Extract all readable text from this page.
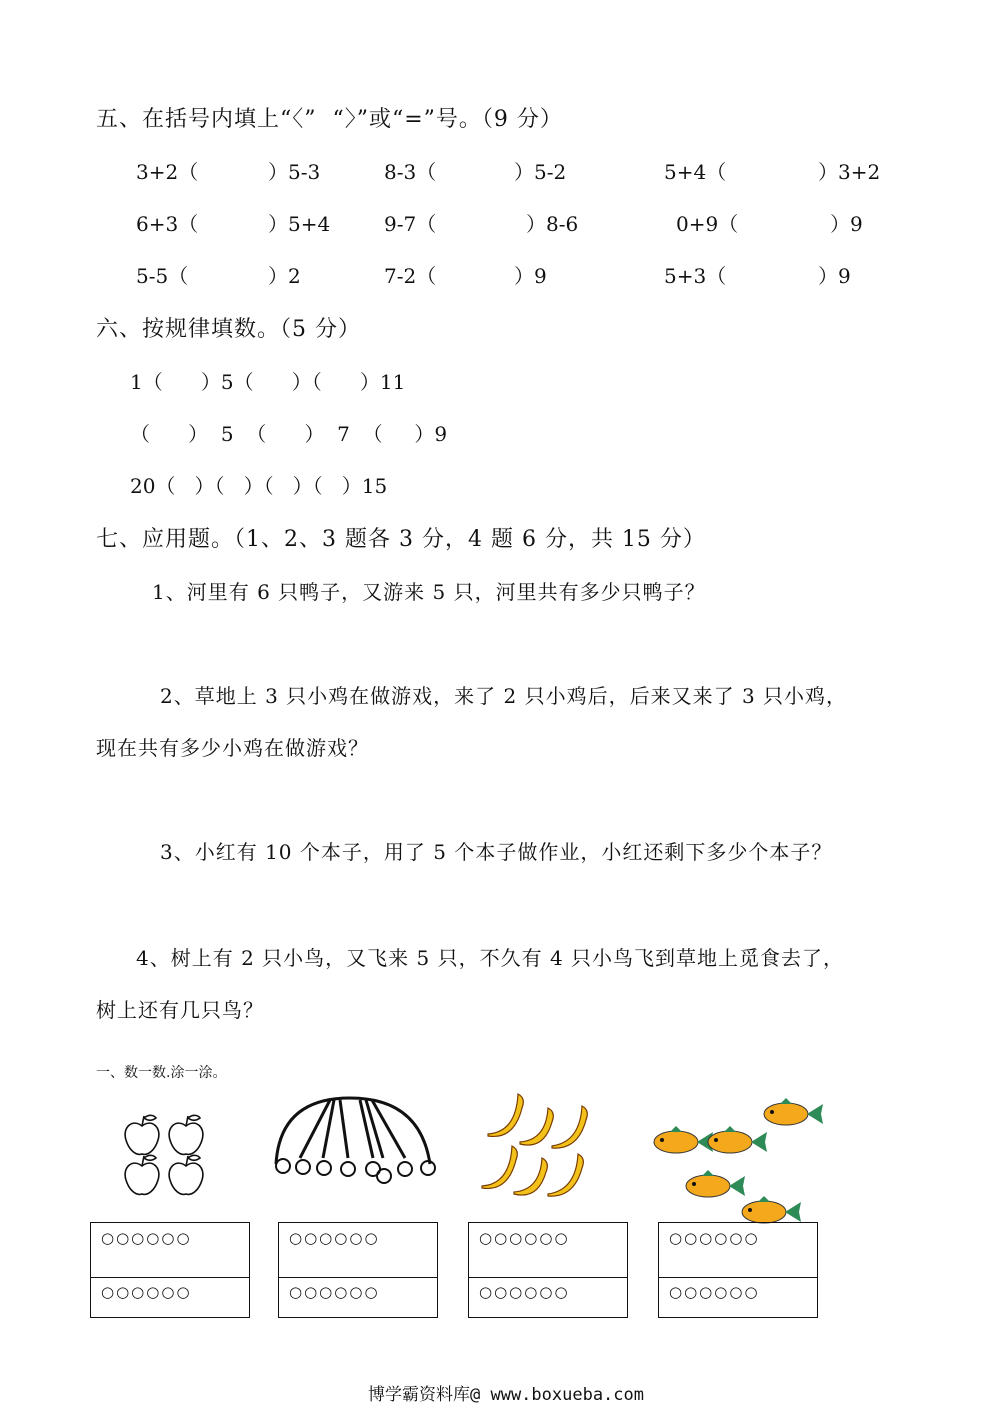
五、在括号内填上“〈”  “〉”或“=”号。（9 分）
3+2（	）5-3	8-3（	）5-2	5+4（	）3+2
6+3（	）5+4	9-7（	）8-6	0+9（	）9
5-5（	）2	7-2（	）9	5+3（	）9
六、按规律填数。（5 分）
1（      ）5（      ）（      ）11
（      ）  5  （      ）  7  （     ）9
20（   ）（   ）（   ）（   ）15
七、应用题。（1、2、3 题各 3 分，4 题 6 分，共 15 分）
1、河里有 6 只鸭子，又游来 5 只，河里共有多少只鸭子？
2、草地上 3 只小鸡在做游戏，来了 2 只小鸡后，后来又来了 3 只小鸡，
现在共有多少小鸡在做游戏？
3、小红有 10 个本子，用了 5 个本子做作业，小红还剩下多少个本子？
4、树上有 2 只小鸟，又飞来 5 只，不久有 4 只小鸟飞到草地上觅食去了，
树上还有几只鸟？
一、数一数.涂一涂。
○○○○○○
○○○○○○
○○○○○○
○○○○○○
○○○○○○
○○○○○○
○○○○○○
○○○○○○
博学霸资料库@ www.boxueba.com
